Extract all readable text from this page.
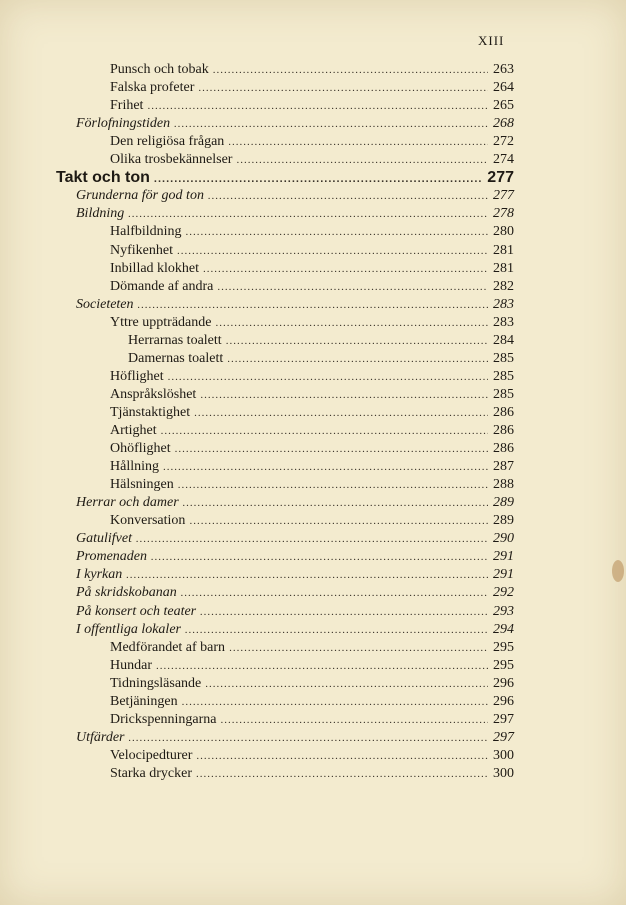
XIII
Punsch och tobak .....	263
Falska profeter .....	264
Frihet .....	265
Förlofningstiden .....	268
Den religiösa frågan .....	272
Olika trosbekännelser .....	274
Takt och ton .....	277
Grunderna för god ton .....	277
Bildning .....	278
Halfbildning .....	280
Nyfikenhet .....	281
Inbillad klokhet .....	281
Dömande af andra .....	282
Societeten .....	283
Yttre uppträdande .....	283
Herrarnas toalett .....	284
Damernas toalett .....	285
Höflighet .....	285
Anspråkslöshet .....	285
Tjänstaktighet .....	286
Artighet .....	286
Ohöflighet .....	286
Hållning .....	287
Hälsningen .....	288
Herrar och damer .....	289
Konversation .....	289
Gatulifvet .....	290
Promenaden .....	291
I kyrkan .....	291
På skridskobanan .....	292
På konsert och teater .....	293
I offentliga lokaler .....	294
Medförandet af barn .....	295
Hundar .....	295
Tidningsläsande .....	296
Betjäningen .....	296
Drickspenningarna .....	297
Utfärder .....	297
Velocipedturer .....	300
Starka drycker .....	300
